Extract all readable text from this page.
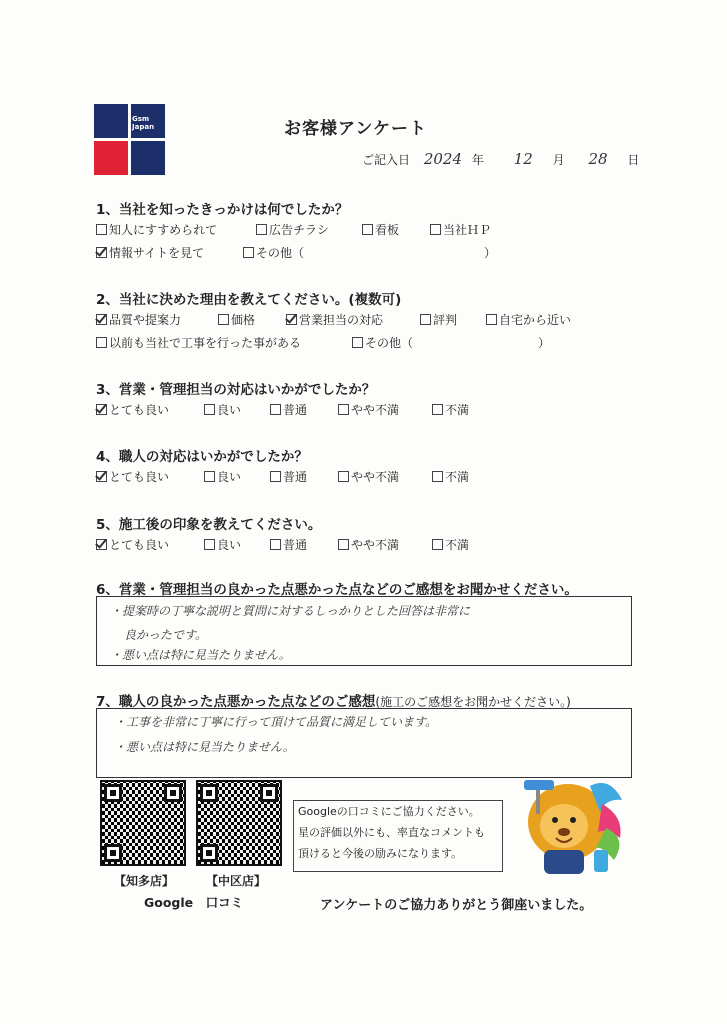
Gsm
Japan	お客様アンケート
ご記入日 2024 年 12 月 28 日
1、当社を知ったきっかけは何でしたか？
知人にすすめられて	広告チラシ	看板	当社ＨＰ
情報サイトを見て	その他（	）
2、当社に決めた理由を教えてください。(複数可)
品質や提案力	価格	営業担当の対応	評判	自宅から近い
以前も当社で工事を行った事がある	その他（	）
3、営業・管理担当の対応はいかがでしたか？
とても良い	良い	普通	やや不満	不満
4、職人の対応はいかがでしたか？
とても良い	良い	普通	やや不満	不満
5、施工後の印象を教えてください。
とても良い	良い	普通	やや不満	不満
6、営業・管理担当の良かった点悪かった点などのご感想をお聞かせください。
・提案時の丁寧な説明と質問に対するしっかりとした回答は非常に
良かったです。
・悪い点は特に見当たりません。
7、職人の良かった点悪かった点などのご感想(施工のご感想をお聞かせください。)
・工事を非常に丁寧に行って頂けて品質に満足しています。
・悪い点は特に見当たりません。
【知多店】	【中区店】
Google　口コミ
Googleの口コミにご協力ください。
星の評価以外にも、率直なコメントも
頂けると今後の励みになります。
アンケートのご協力ありがとう御座いました。
